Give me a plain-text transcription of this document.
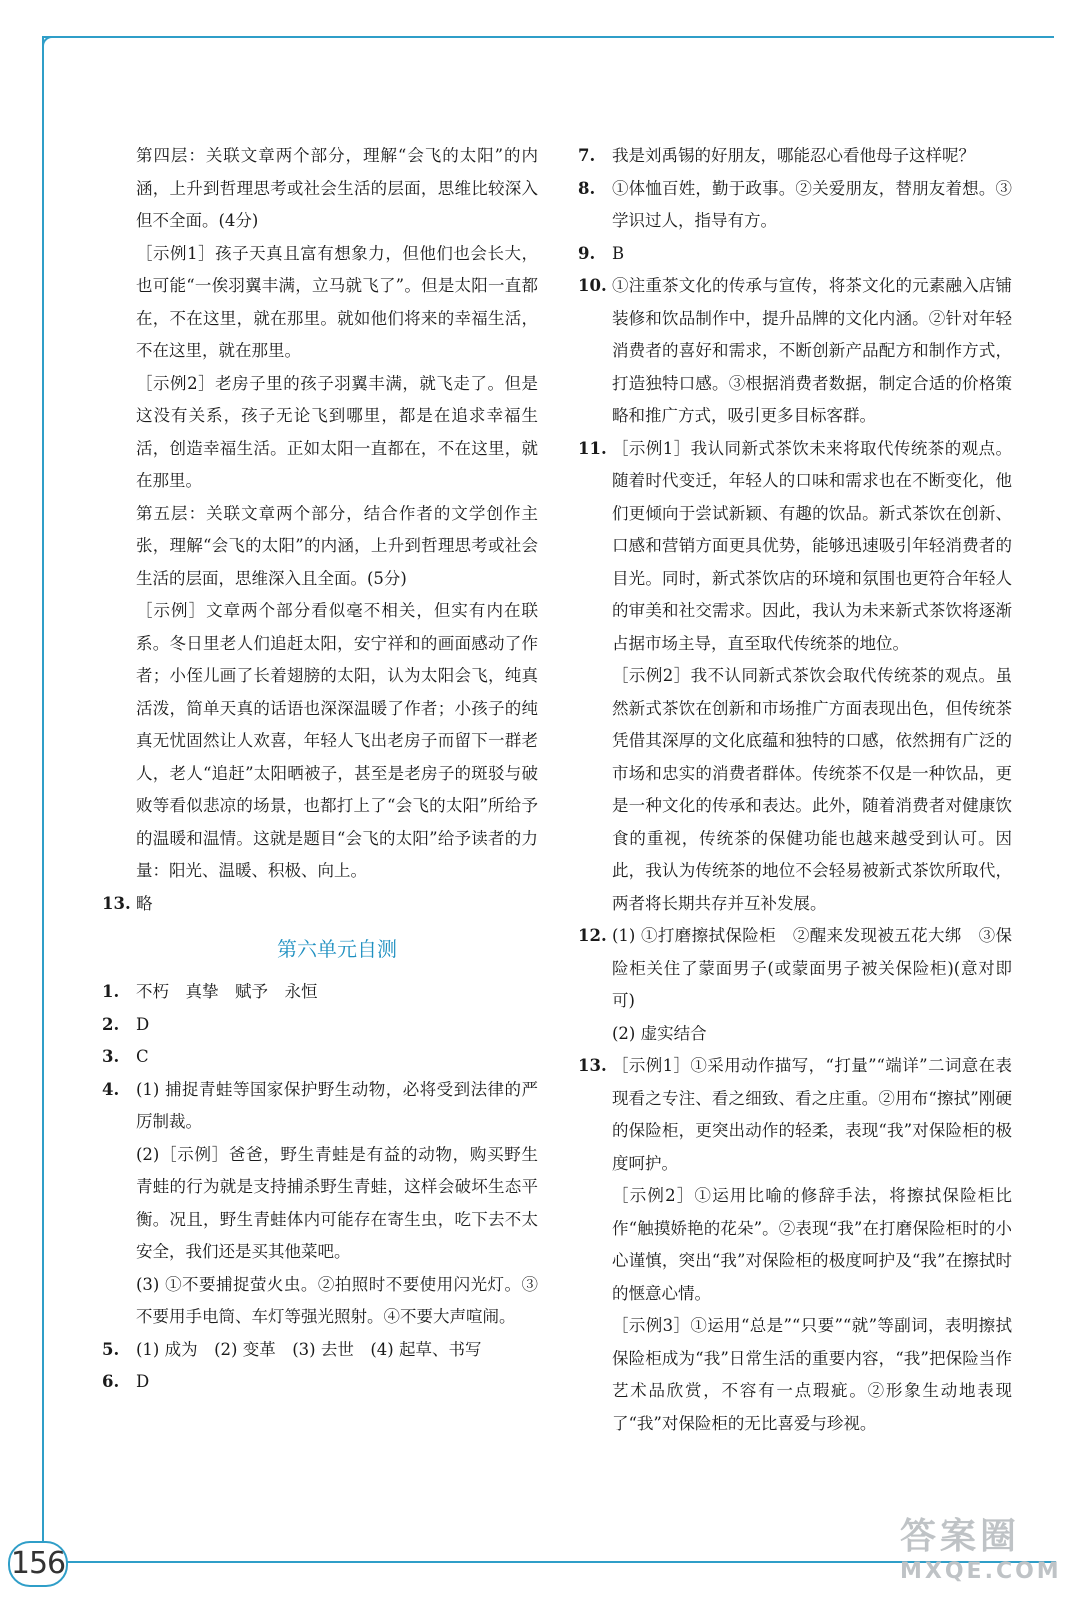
156

第四层：关联文章两个部分，理解“会飞的太阳”的内涵，上升到哲理思考或社会生活的层面，思维比较深入但不全面。(4分)

［示例1］孩子天真且富有想象力，但他们也会长大，也可能“一俟羽翼丰满，立马就飞了”。但是太阳一直都在，不在这里，就在那里。就如他们将来的幸福生活，不在这里，就在那里。

［示例2］老房子里的孩子羽翼丰满，就飞走了。但是这没有关系，孩子无论飞到哪里，都是在追求幸福生活，创造幸福生活。正如太阳一直都在，不在这里，就在那里。

第五层：关联文章两个部分，结合作者的文学创作主张，理解“会飞的太阳”的内涵，上升到哲理思考或社会生活的层面，思维深入且全面。(5分)

［示例］文章两个部分看似毫不相关，但实有内在联系。冬日里老人们追赶太阳，安宁祥和的画面感动了作者；小侄儿画了长着翅膀的太阳，认为太阳会飞，纯真活泼，简单天真的话语也深深温暖了作者；小孩子的纯真无忧固然让人欢喜，年轻人飞出老房子而留下一群老人，老人“追赶”太阳晒被子，甚至是老房子的斑驳与破败等看似悲凉的场景，也都打上了“会飞的太阳”所给予的温暖和温情。这就是题目“会飞的太阳”给予读者的力量：阳光、温暖、积极、向上。

13. 略
第六单元自测
1. 不朽　真挚　赋予　永恒
2. D
3. C
4. (1) 捕捉青蛙等国家保护野生动物，必将受到法律的严厉制裁。

(2)［示例］爸爸，野生青蛙是有益的动物，购买野生青蛙的行为就是支持捕杀野生青蛙，这样会破坏生态平衡。况且，野生青蛙体内可能存在寄生虫，吃下去不太安全，我们还是买其他菜吧。

(3) ①不要捕捉萤火虫。②拍照时不要使用闪光灯。③不要用手电筒、车灯等强光照射。④不要大声喧闹。

5. (1) 成为　(2) 变革　(3) 去世　(4) 起草、书写
6. D
7. 我是刘禹锡的好朋友，哪能忍心看他母子这样呢？
8. ①体恤百姓，勤于政事。②关爱朋友，替朋友着想。③学识过人，指导有方。
9. B
10. ①注重茶文化的传承与宣传，将茶文化的元素融入店铺装修和饮品制作中，提升品牌的文化内涵。②针对年轻消费者的喜好和需求，不断创新产品配方和制作方式，打造独特口感。③根据消费者数据，制定合适的价格策略和推广方式，吸引更多目标客群。
11. ［示例1］我认同新式茶饮未来将取代传统茶的观点。随着时代变迁，年轻人的口味和需求也在不断变化，他们更倾向于尝试新颖、有趣的饮品。新式茶饮在创新、口感和营销方面更具优势，能够迅速吸引年轻消费者的目光。同时，新式茶饮店的环境和氛围也更符合年轻人的审美和社交需求。因此，我认为未来新式茶饮将逐渐占据市场主导，直至取代传统茶的地位。

［示例2］我不认同新式茶饮会取代传统茶的观点。虽然新式茶饮在创新和市场推广方面表现出色，但传统茶凭借其深厚的文化底蕴和独特的口感，依然拥有广泛的市场和忠实的消费者群体。传统茶不仅是一种饮品，更是一种文化的传承和表达。此外，随着消费者对健康饮食的重视，传统茶的保健功能也越来越受到认可。因此，我认为传统茶的地位不会轻易被新式茶饮所取代，两者将长期共存并互补发展。

12. (1) ①打磨擦拭保险柜　②醒来发现被五花大绑　③保险柜关住了蒙面男子(或蒙面男子被关保险柜)(意对即可)

(2) 虚实结合

13. ［示例1］①采用动作描写，“打量”“端详”二词意在表现看之专注、看之细致、看之庄重。②用布“擦拭”刚硬的保险柜，更突出动作的轻柔，表现“我”对保险柜的极度呵护。

［示例2］①运用比喻的修辞手法，将擦拭保险柜比作“触摸娇艳的花朵”。②表现“我”在打磨保险柜时的小心谨慎，突出“我”对保险柜的极度呵护及“我”在擦拭时的惬意心情。

［示例3］①运用“总是”“只要”“就”等副词，表明擦拭保险柜成为“我”日常生活的重要内容，“我”把保险当作艺术品欣赏，不容有一点瑕疵。②形象生动地表现了“我”对保险柜的无比喜爱与珍视。

答案圈
MXQE.COM
